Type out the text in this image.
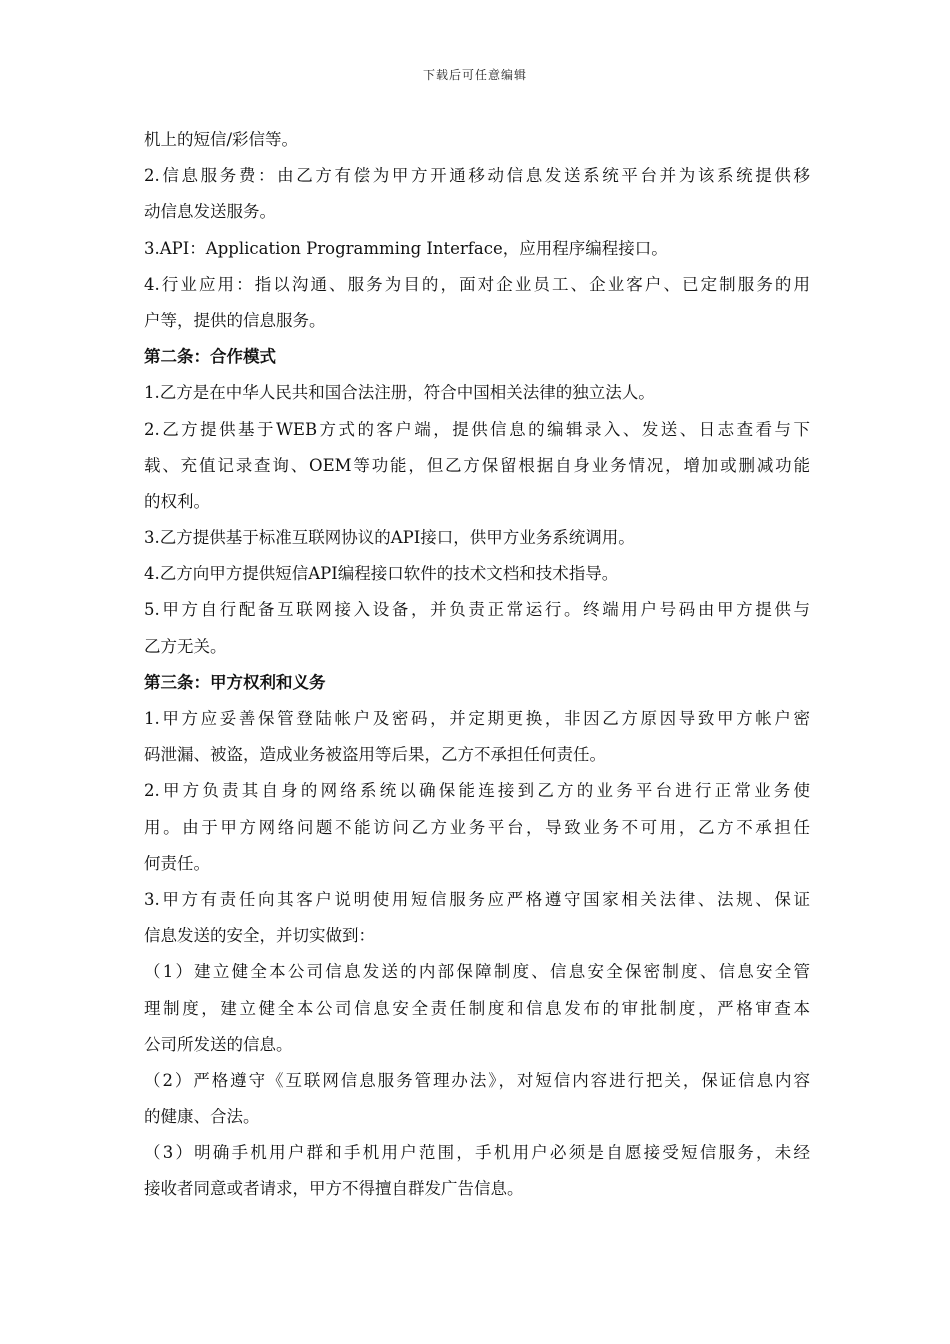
下载后可任意编辑
机上的短信/彩信等。
2.信息服务费：由乙方有偿为甲方开通移动信息发送系统平台并为该系统提供移
动信息发送服务。
3.API：Application Programming Interface，应用程序编程接口。
4.行业应用：指以沟通、服务为目的，面对企业员工、企业客户、已定制服务的用
户等，提供的信息服务。
第二条：合作模式
1.乙方是在中华人民共和国合法注册，符合中国相关法律的独立法人。
2.乙方提供基于WEB方式的客户端，提供信息的编辑录入、发送、日志查看与下
载、充值记录查询、OEM等功能，但乙方保留根据自身业务情况，增加或删减功能
的权利。
3.乙方提供基于标准互联网协议的API接口，供甲方业务系统调用。
4.乙方向甲方提供短信API编程接口软件的技术文档和技术指导。
5.甲方自行配备互联网接入设备，并负责正常运行。终端用户号码由甲方提供与
乙方无关。
第三条：甲方权利和义务
1.甲方应妥善保管登陆帐户及密码，并定期更换，非因乙方原因导致甲方帐户密
码泄漏、被盗，造成业务被盗用等后果，乙方不承担任何责任。
2.甲方负责其自身的网络系统以确保能连接到乙方的业务平台进行正常业务使
用。由于甲方网络问题不能访问乙方业务平台，导致业务不可用，乙方不承担任
何责任。
3.甲方有责任向其客户说明使用短信服务应严格遵守国家相关法律、法规、保证
信息发送的安全，并切实做到：
（1）建立健全本公司信息发送的内部保障制度、信息安全保密制度、信息安全管
理制度，建立健全本公司信息安全责任制度和信息发布的审批制度，严格审查本
公司所发送的信息。
（2）严格遵守《互联网信息服务管理办法》，对短信内容进行把关，保证信息内容
的健康、合法。
（3）明确手机用户群和手机用户范围，手机用户必须是自愿接受短信服务，未经
接收者同意或者请求，甲方不得擅自群发广告信息。
